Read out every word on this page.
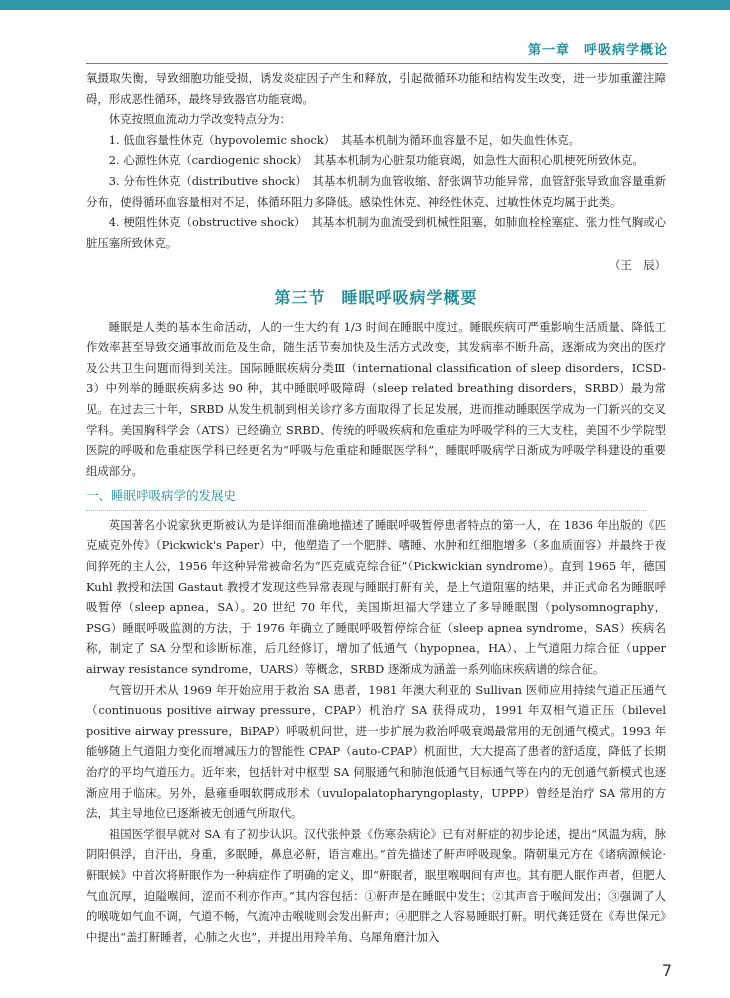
第一章　呼吸病学概论

氧摄取失衡，导致细胞功能受损，诱发炎症因子产生和释放，引起微循环功能和结构发生改变，进一步加重灌注障碍，形成恶性循环，最终导致器官功能衰竭。

休克按照血流动力学改变特点分为：

1. 低血容量性休克（hypovolemic shock）　其基本机制为循环血容量不足，如失血性休克。

2. 心源性休克（cardiogenic shock）　其基本机制为心脏泵功能衰竭，如急性大面积心肌梗死所致休克。

3. 分布性休克（distributive shock）　其基本机制为血管收缩、舒张调节功能异常，血管舒张导致血容量重新分布，使得循环血容量相对不足，体循环阻力多降低。感染性休克、神经性休克、过敏性休克均属于此类。

4. 梗阻性休克（obstructive shock）　其基本机制为血流受到机械性阻塞，如肺血栓栓塞症、张力性气胸或心脏压塞所致休克。

（王　辰）
第三节 睡眠呼吸病学概要

睡眠是人类的基本生命活动，人的一生大约有 1/3 时间在睡眠中度过。睡眠疾病可严重影响生活质量、降低工作效率甚至导致交通事故而危及生命，随生活节奏加快及生活方式改变，其发病率不断升高，逐渐成为突出的医疗及公共卫生问题而得到关注。国际睡眠疾病分类Ⅲ（international classification of sleep disorders，ICSD-3）中列举的睡眠疾病多达 90 种，其中睡眠呼吸障碍（sleep related breathing disorders，SRBD）最为常见。在过去三十年，SRBD 从发生机制到相关诊疗多方面取得了长足发展，进而推动睡眠医学成为一门新兴的交叉学科。美国胸科学会（ATS）已经确立 SRBD、传统的呼吸疾病和危重症为呼吸学科的三大支柱，美国不少学院型医院的呼吸和危重症医学科已经更名为“呼吸与危重症和睡眠医学科”，睡眠呼吸病学日渐成为呼吸学科建设的重要组成部分。

一、睡眠呼吸病学的发展史

英国著名小说家狄更斯被认为是详细而准确地描述了睡眠呼吸暂停患者特点的第一人，在 1836 年出版的《匹克威克外传》（Pickwick's Paper）中，他塑造了一个肥胖、嗜睡、水肿和红细胞增多（多血质面容）并最终于夜间猝死的主人公，1956 年这种异常被命名为“匹克威克综合征”（Pickwickian syndrome）。直到 1965 年，德国 Kuhl 教授和法国 Gastaut 教授才发现这些异常表现与睡眠打鼾有关，是上气道阻塞的结果，并正式命名为睡眠呼吸暂停（sleep apnea，SA）。20 世纪 70 年代，美国斯坦福大学建立了多导睡眠图（polysomnography，PSG）睡眠呼吸监测的方法，于 1976 年确立了睡眠呼吸暂停综合征（sleep apnea syndrome，SAS）疾病名称，制定了 SA 分型和诊断标准，后几经修订，增加了低通气（hypopnea，HA）、上气道阻力综合征（upper airway resistance syndrome，UARS）等概念，SRBD 逐渐成为涵盖一系列临床疾病谱的综合征。

气管切开术从 1969 年开始应用于救治 SA 患者，1981 年澳大利亚的 Sullivan 医师应用持续气道正压通气（continuous positive airway pressure，CPAP）机治疗 SA 获得成功，1991 年双相气道正压（bilevel positive airway pressure，BiPAP）呼吸机问世，进一步扩展为救治呼吸衰竭最常用的无创通气模式。1993 年能够随上气道阻力变化而增减压力的智能性 CPAP（auto-CPAP）机面世，大大提高了患者的舒适度，降低了长期治疗的平均气道压力。近年来，包括针对中枢型 SA 伺服通气和肺泡低通气目标通气等在内的无创通气新模式也逐渐应用于临床。另外，悬雍垂咽软腭成形术（uvulopalatopharyngoplasty，UPPP）曾经是治疗 SA 常用的方法，其主导地位已逐渐被无创通气所取代。

祖国医学很早就对 SA 有了初步认识。汉代张仲景《伤寒杂病论》已有对鼾症的初步论述，提出“风温为病，脉阴阳俱浮，自汗出，身重，多眠睡，鼻息必鼾，语言难出。”首先描述了鼾声呼吸现象。隋朝巢元方在《诸病源候论·鼾眠候》中首次将鼾眠作为一种病症作了明确的定义，即“鼾眠者，眠里喉咽间有声也。其有肥人眠作声者，但肥人气血沉厚，迫隘喉间，涩而不利亦作声。”其内容包括：①鼾声是在睡眠中发生；②其声音于喉间发出；③强调了人的喉咙如气血不调，气道不畅，气流冲击喉咙则会发出鼾声；④肥胖之人容易睡眠打鼾。明代龚廷贤在《寿世保元》中提出“盖打鼾睡者，心肺之火也”，并提出用羚羊角、乌犀角磨汁加入

7
